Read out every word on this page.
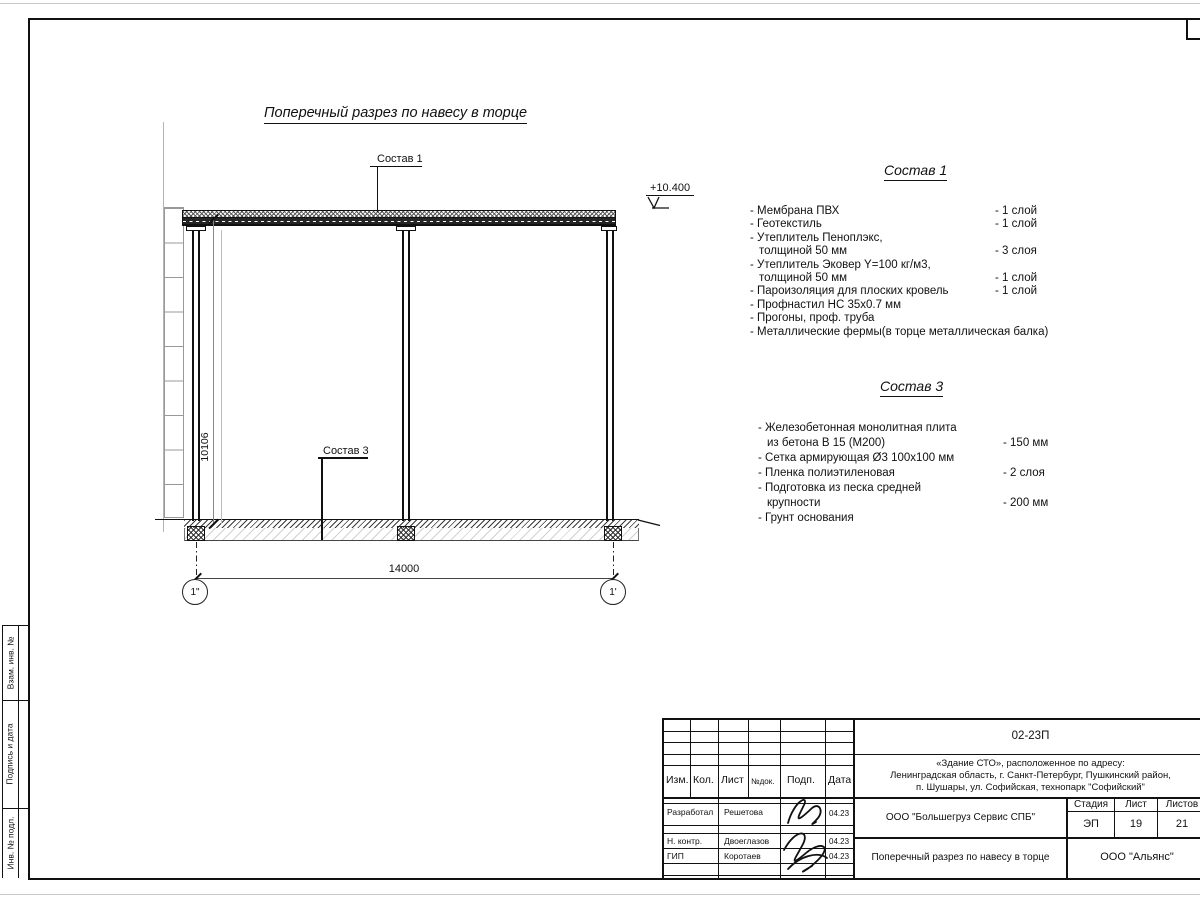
Взам. инв. №
Подпись и дата
Инв. № подл.
Поперечный разрез по навесу в торце
10106
Состав 1
Состав 3
+10.400
14000
1"	1'
Состав 1
- Мембрана ПВХ	- 1 слой
- Геотекстиль	- 1 слой
- Утеплитель Пеноплэкс,
толщиной 50 мм	- 3 слоя
- Утеплитель Эковер Y=100 кг/м3,
толщиной 50 мм	- 1 слой
- Пароизоляция для плоских кровель	- 1 слой
- Профнастил НС 35х0.7 мм
- Прогоны, проф. труба
- Металлические фермы(в торце металлическая балка)
Состав 3
- Железобетонная монолитная плита
из бетона В 15 (М200)	- 150 мм
- Сетка армирующая Ø3 100х100 мм
- Пленка полиэтиленовая	- 2 слоя
- Подготовка из песка средней
крупности	- 200 мм
- Грунт основания
Изм. Кол. Лист №док. Подп. Дата
Разработал Решетова	04.23
Н. контр.	Двоеглазов	04.23
ГИП	Коротаев	04.23
02-23П
«Здание СТО», расположенное по адресу:
Ленинградская область, г. Санкт-Петербург, Пушкинский район,
п. Шушары, ул. Софийская, технопарк "Софийский"
ООО "Большегруз Сервис СПБ"
Стадия	Лист	Листов
ЭП	19	21
Поперечный разрез по навесу в торце	ООО "Альянс"
